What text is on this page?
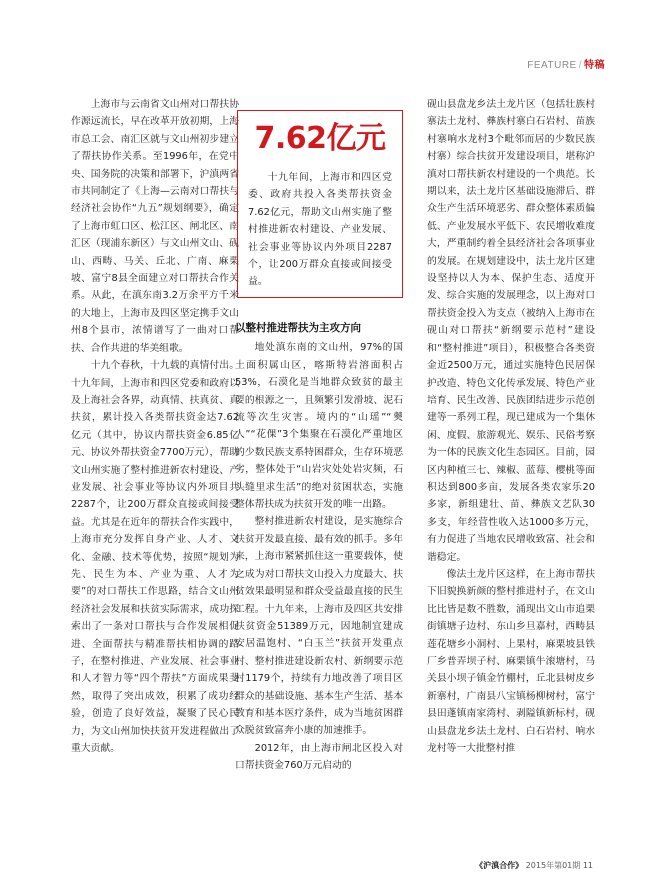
FEATURE / 特稿

上海市与云南省文山州对口帮扶协作源远流长，早在改革开放初期，上海市总工会、南汇区就与文山州初步建立了帮扶协作关系。至1996年，在党中央、国务院的决策和部署下，沪滇两省市共同制定了《上海—云南对口帮扶与经济社会协作“九五”规划纲要》，确定了上海市虹口区、松江区、闸北区、南汇区（现浦东新区）与文山州文山、砚山、西畴、马关、丘北、广南、麻栗坡、富宁8县全面建立对口帮扶合作关系。从此，在滇东南3.2万余平方千米的大地上，上海市及四区坚定携手文山州8个县市，浓情谱写了一曲对口帮扶、合作共进的华美组歌。

十九个春秋，十九载的真情付出。十九年间，上海市和四区党委和政府以及上海社会各界，动真情、扶真贫、真扶贫，累计投入各类帮扶资金达7.62亿元（其中，协议内帮扶资金6.85亿元、协议外帮扶资金7700万元），帮助文山州实施了整村推进新农村建设、产业发展、社会事业等协议内外项目共2287个，让200万群众直接或间接受益。尤其是在近年的帮扶合作实践中，上海市充分发挥自身产业、人才、文化、金融、技术等优势，按照“规划为先、民生为本、产业为重、人才为要”的对口帮扶工作思路，结合文山州经济社会发展和扶贫实际需求，成功探索出了一条对口帮扶与合作发展相促进、全面帮扶与精准帮扶相协调的路子，在整村推进、产业发展、社会事业和人才智力等“四个帮扶”方面成果斐然，取得了突出成效，积累了成功经验，创造了良好效益，凝聚了民心民力，为文山州加快扶贫开发进程做出了重大贡献。

7.62亿元
十九年间，上海市和四区党委、政府共投入各类帮扶资金7.62亿元，帮助文山州实施了整村推进新农村建设、产业发展、社会事业等协议内外项目2287个，让200万群众直接或间接受益。

以整村推进帮扶为主攻方向

地处滇东南的文山州，97%的国土面积属山区，喀斯特岩溶面积占53%，石漠化是当地群众致贫的最主要的根源之一，且频繁引发滑坡、泥石流等次生灾害。境内的“山瑶”“僰人”“花倮”3个集聚在石漠化严重地区的少数民族支系特困群众，生存环境恶劣，整体处于“山岩灾处处岩灾频，石头缝里求生活”的绝对贫困状态，实施整体帮扶成为扶贫开发的唯一出路。

整村推进新农村建设，是实施综合扶贫开发最直接、最有效的抓手。多年来，上海市紧紧抓住这一重要载体，使之成为对口帮扶文山投入力度最大、扶贫效果最明显和群众受益最直接的民生工程。十九年来，上海市及四区共安排扶贫资金51389万元，因地制宜建成安居温饱村、“白玉兰”扶贫开发重点村、整村推进建设新农村、新纲要示范村1179个，持续有力地改善了项目区群众的基础设施、基本生产生活、基本教育和基本医疗条件，成为当地贫困群众脱贫致富奔小康的加速推手。

2012年，由上海市闸北区投入对口帮扶资金760万元启动的

砚山县盘龙乡法土龙片区（包括壮族村寨法土龙村、彝族村寨白石岩村、苗族村寨响水龙村3个毗邻而居的少数民族村寨）综合扶贫开发建设项目，堪称沪滇对口帮扶新农村建设的一个典范。长期以来，法土龙片区基础设施滞后、群众生产生活环境恶劣、群众整体素质偏低、产业发展水平低下、农民增收难度大，严重制约着全县经济社会各项事业的发展。在规划建设中，法土龙片区建设坚持以人为本、保护生态、适度开发、综合实施的发展理念，以上海对口帮扶资金投入为支点（被纳入上海市在砚山对口帮扶“新纲要示范村”建设和“整村推进”项目），积极整合各类资金近2500万元，通过实施特色民居保护改造、特色文化传承发展、特色产业培育、民生改善、民族团结进步示范创建等一系列工程，现已建成为一个集休闲、度假、旅游观光、娱乐、民俗考察为一体的民族文化生态园区。目前，园区内种植三七、辣椒、蓝莓、樱桃等面积达到800多亩，发展各类农家乐20多家，新组建壮、苗、彝族文艺队30多支，年经营性收入达1000多万元，有力促进了当地农民增收致富、社会和谐稳定。

像法土龙片区这样，在上海市帮扶下旧貌换新颜的整村推进村子，在文山比比皆是数不胜数，涌现出文山市追栗街镇塘子边村、东山乡旦嘉村，西畴县莲花塘乡小洞村、上果村，麻栗坡县铁厂乡普弄坝子村、麻栗镇牛滚塘村，马关县小坝子镇金竹棚村，丘北县树皮乡新寨村，广南县八宝镇杨柳树村，富宁县田蓬镇南家湾村、剥隘镇新标村，砚山县盘龙乡法土龙村、白石岩村、响水龙村等一大批整村推

《沪滇合作》 2015年第01期 11
